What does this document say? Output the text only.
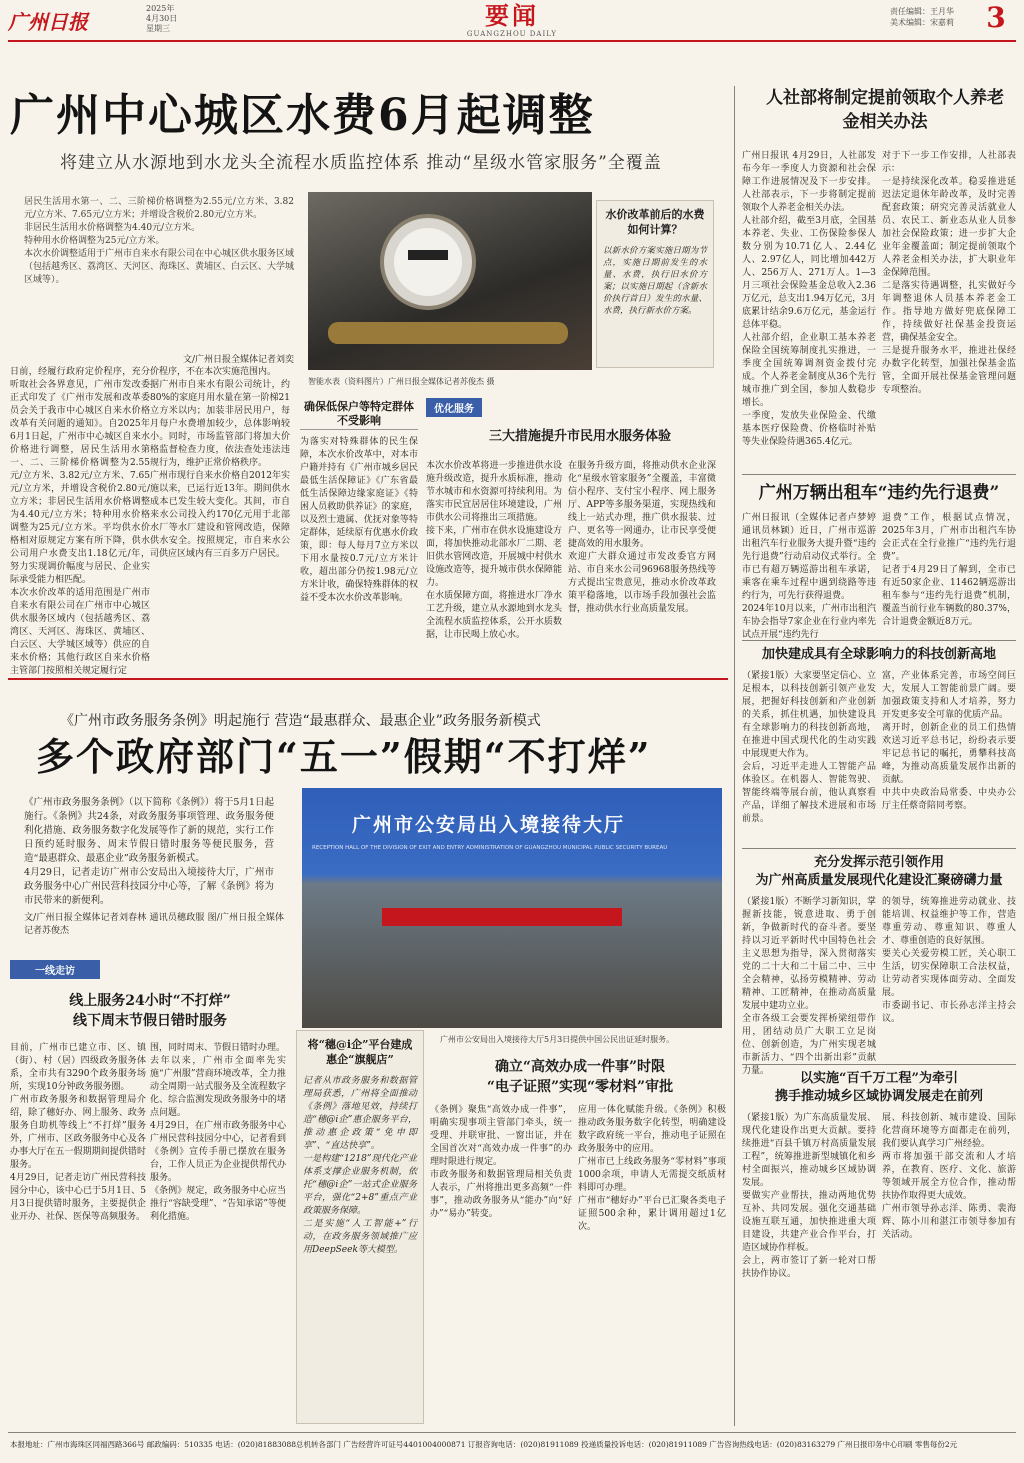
广州日报
2025年
4月30日
星期三	要闻
GUANGZHOU DAILY
责任编辑：王月华
美术编辑：宋嘉莉 3
广州中心城区水费6月起调整
将建立从水源地到水龙头全流程水质监控体系 推动“星级水管家服务”全覆盖
居民生活用水第一、二、三阶梯价格调整为2.55元/立方米、3.82元/立方米、7.65元/立方米；并增设含税价2.80元/立方米。
非居民生活用水价格调整为4.40元/立方米。
特种用水价格调整为25元/立方米。
本次水价调整适用于广州市自来水有限公司在中心城区供水服务区域（包括越秀区、荔湾区、天河区、海珠区、黄埔区、白云区、大学城区域等）。
文/广州日报全媒体记者刘奕
智能水表（资料图片）广州日报全媒体记者苏俊杰 摄
水价改革前后的水费如何计算？
以新水价方案实施日期为节点，实施日期前发生的水量、水费，执行旧水价方案；以实施日期起（含新水价执行首日）发生的水量、水费，执行新水价方案。
日前，经履行政府定价程序，充分听取社会各界意见，广州市发改委正式印发了《广州市发展和改革委员会关于我市中心城区自来水价格改革有关问题的通知》。自2025年6月1日起，广州市中心城区自来水价格进行调整，居民生活用水第一、二、三阶梯价格调整为2.55元/立方米、3.82元/立方米、7.65元/立方米，并增设含税价2.80元/立方米；非居民生活用水价格调整为4.40元/立方米；特种用水价格调整为25元/立方米。平均供水价格相对原规定方案有所下降，供水公司用户水费支出1.18亿元/年，努力实现调价幅度与居民、企业实际承受能力相匹配。
本次水价改革的适用范围是广州市自来水有限公司在广州市中心城区供水服务区域内（包括越秀区、荔湾区、天河区、海珠区、黄埔区、白云区、大学城区域等）供应的自来水价格；其他行政区自来水价格主管部门按照相关规定履行定
价程序，不在本次实施范围内。
据广州市自来水有限公司统计，约80%的家庭月用水量在第一阶梯21立方米以内；加装非居民用户，每月每户水费增加较少，总体影响较小。同时，市场监管部门将加大价格监督检查力度，依法查处违法违规行为，维护正常价格秩序。
广州市现行自来水价格自2012年实施以来，已运行近13年。期间供水成本已发生较大变化。其间，市自来水公司投入约170亿元用于北部水厂等水厂建设和管网改造，保障供水安全。按照规定，市自来水公司供应区域内有三百多万户居民。
确保低保户等特定群体不受影响
为落实对特殊群体的民生保障，本次水价改革中，对本市户籍并持有《广州市城乡居民最低生活保障证》《广东省最低生活保障边缘家庭证》《特困人员救助供养证》的家庭，以及烈士遗属、优抚对象等特定群体，延续原有优惠水价政策，即：每人每月7立方米以下用水量按0.7元/立方米计收，超出部分仍按1.98元/立方米计收，确保特殊群体的权益不受本次水价改革影响。
优化服务
三大措施提升市民用水服务体验
本次水价改革将进一步推进供水设施升级改造，提升水质标准，推动节水城市和水资源可持续利用。为落实市民宜居居住环境建设，广州市供水公司将推出三项措施。
接下来，广州市在供水设施建设方面，将加快推动北部水厂二期、老旧供水管网改造，开展城中村供水设施改造等，提升城市供水保障能力。
在水质保障方面，将推进水厂净水工艺升级，建立从水源地到水龙头全流程水质监控体系，公开水质数据，让市民喝上放心水。
在服务升级方面，将推动供水企业深化“星级水管家服务”全覆盖，丰富微信小程序、支付宝小程序、网上服务厅、APP等多服务渠道，实现热线和线上一站式办理，推广供水报装、过户、更名等一网通办，让市民享受便捷高效的用水服务。
欢迎广大群众通过市发改委官方网站、市自来水公司96968服务热线等方式提出宝贵意见，推动水价改革政策平稳落地，以市场手段加强社会监督，推动供水行业高质量发展。
人社部将制定提前领取个人养老金相关办法
广州日报讯 4月29日，人社部发布今年一季度人力资源和社会保障工作进展情况及下一步安排。人社部表示，下一步将制定提前领取个人养老金相关办法。
人社部介绍，截至3月底，全国基本养老、失业、工伤保险参保人数分别为10.71亿人、2.44亿人、2.97亿人，同比增加442万人、256万人、271万人。1—3月三项社会保险基金总收入2.36万亿元，总支出1.94万亿元，3月底累计结余9.6万亿元，基金运行总体平稳。
人社部介绍，企业职工基本养老保险全国统筹制度扎实推进，一季度全国统筹调剂资金拨付完成。个人养老金制度从36个先行城市推广到全国，参加人数稳步增长。
一季度，发放失业保险金、代缴基本医疗保险费、价格临时补贴等失业保险待遇365.4亿元。
对于下一步工作安排，人社部表示：
一是持续深化改革。稳妥推进延迟法定退休年龄改革，及时完善配套政策；研究完善灵活就业人员、农民工、新业态从业人员参加社会保险政策；进一步扩大企业年金覆盖面；制定提前领取个人养老金相关办法，扩大职业年金保障范围。
二是落实待遇调整，扎实做好今年调整退休人员基本养老金工作。指导地方做好兜底保障工作，持续做好社保基金投资运营，确保基金安全。
三是提升服务水平，推进社保经办数字化转型，加强社保基金监管，全面开展社保基金管理问题专项整治。
广州万辆出租车“违约先行退费”
广州日报讯（全媒体记者卢梦婷 通讯员林颖）近日，广州市巡游出租汽车行业服务大提升暨“违约先行退费”行动启动仪式举行。全市已有超万辆巡游出租车承诺，乘客在乘车过程中遇到绕路等违约行为，可先行获得退费。
2024年10月以来，广州市出租汽车协会指导7家企业在行业内率先试点开展“违约先行
退费”工作，根据试点情况，2025年3月，广州市出租汽车协会正式在全行业推广“违约先行退费”。
记者于4月29日了解到，全市已有近50家企业、11462辆巡游出租车参与“违约先行退费”机制，覆盖当前行业车辆数的80.37%，合计退费金额近8万元。
加快建成具有全球影响力的科技创新高地
（紧接1版）大家要坚定信心、立足根本，以科技创新引领产业发展，把握好科技创新和产业创新的关系，抓住机遇，加快建设具有全球影响力的科技创新高地，在推进中国式现代化的生动实践中展现更大作为。
会后，习近平走进人工智能产品体验区。在机器人、智能驾驶、智能终端等展台前，他认真察看产品，详细了解技术进展和市场前景。
富，产业体系完善，市场空间巨大，发展人工智能前景广阔。要加强政策支持和人才培养，努力开发更多安全可靠的优质产品。
离开时，创新企业的员工们热情欢送习近平总书记，纷纷表示要牢记总书记的嘱托，勇攀科技高峰，为推动高质量发展作出新的贡献。
中共中央政治局常委、中央办公厅主任蔡奇陪同考察。
充分发挥示范引领作用
为广州高质量发展现代化建设汇聚磅礴力量
（紧接1版）不断学习新知识，掌握新技能，锐意进取、勇于创新，争做新时代的奋斗者。要坚持以习近平新时代中国特色社会主义思想为指导，深入贯彻落实党的二十大和二十届二中、三中全会精神，弘扬劳模精神、劳动精神、工匠精神，在推动高质量发展中建功立业。
全市各级工会要发挥桥梁纽带作用，团结动员广大职工立足岗位、创新创造，为广州实现老城市新活力、“四个出新出彩”贡献力量。
的领导，统筹推进劳动就业、技能培训、权益维护等工作，营造尊重劳动、尊重知识、尊重人才、尊重创造的良好氛围。
要关心关爱劳模工匠，关心职工生活，切实保障职工合法权益，让劳动者实现体面劳动、全面发展。
市委副书记、市长孙志洋主持会议。
以实施“百千万工程”为牵引
携手推动城乡区域协调发展走在前列
（紧接1版）为广东高质量发展、现代化建设作出更大贡献。要持续推进“百县千镇万村高质量发展工程”，统筹推进新型城镇化和乡村全面振兴，推动城乡区域协调发展。
要做实产业帮扶，推动两地优势互补、共同发展。强化交通基础设施互联互通，加快推进重大项目建设，共建产业合作平台，打造区域协作样板。
会上，两市签订了新一轮对口帮扶协作协议。
展、科技创新、城市建设、国际化营商环境等方面都走在前列，我们要认真学习广州经验。
两市将加强干部交流和人才培养，在教育、医疗、文化、旅游等领域开展全方位合作，推动帮扶协作取得更大成效。
广州市领导孙志洋、陈勇、裴海辉、陈小川和湛江市领导参加有关活动。
《广州市政务服务条例》明起施行 营造“最惠群众、最惠企业”政务服务新模式
多个政府部门“五一”假期“不打烊”
《广州市政务服务条例》（以下简称《条例》）将于5月1日起施行。《条例》共24条，对政务服务事项管理、政务服务便利化措施、政务服务数字化发展等作了新的规范，实行工作日预约延时服务、周末节假日错时服务等便民服务，营造“最惠群众、最惠企业”政务服务新模式。
4月29日，记者走访广州市公安局出入境接待大厅，广州市政务服务中心广州民营科技园分中心等，了解《条例》将为市民带来的新便利。
文/广州日报全媒体记者刘春林 通讯员穗政服 图/广州日报全媒体记者苏俊杰
广州市公安局出入境接待大厅
RECEPTION HALL OF THE DIVISION OF EXIT AND ENTRY ADMINISTRATION OF GUANGZHOU MUNICIPAL PUBLIC SECURITY BUREAU
广州市公安局出入境接待大厅5月3日提供中国公民出证延时服务。
一线走访
线上服务24小时“不打烊”
线下周末节假日错时服务
目前，广州市已建立市、区、镇（街）、村（居）四级政务服务体系，全市共有3290个政务服务场所，实现10分钟政务服务圈。
广州市政务服务和数据管理局介绍，除了穗好办、网上服务、政务服务自助机等线上“不打烊”服务外，广州市、区政务服务中心及各办事大厅在五一假期期间提供错时服务。
4月29日，记者走访广州民营科技园分中心，该中心已于5月1日、5月3日提供错时服务，主要提供企业开办、社保、医保等高频服务。
围，同时周末、节假日错时办理。
去年以来，广州市全面率先实施“广州服”营商环境改革，全力推动全周期一站式服务及全流程数字化、综合监测发现政务服务中的堵点问题。
4月29日，在广州市政务服务中心广州民营科技园分中心，记者看到《条例》宣传手册已摆放在服务台，工作人员正为企业提供帮代办服务。
《条例》规定，政务服务中心应当推行“容缺受理”、“告知承诺”等便利化措施。
将“穗@i企”平台建成惠企“旗舰店”
记者从市政务服务和数据管理局获悉，广州将全面推动《条例》落地见效，持续打造“穗@i企”惠企服务平台，推动惠企政策“免申即享”、“直达快享”。
一是构建“1218”现代化产业体系支撑企业服务机制，依托“穗@i企”一站式企业服务平台，强化“2+8”重点产业政策服务保障。
二是实施“人工智能+”行动，在政务服务领域推广应用DeepSeek等大模型。
确立“高效办成一件事”时限
“电子证照”实现“零材料”审批
《条例》聚焦“高效办成一件事”，明确实现事项主管部门牵头，统一受理、并联审批、一窗出证，并在全国首次对“高效办成一件事”的办理时限进行规定。
市政务服务和数据管理局相关负责人表示，广州将推出更多高频“一件事”，推动政务服务从“能办”向“好办”“易办”转变。
应用一体化赋能升级。《条例》积极推动政务服务数字化转型，明确建设数字政府统一平台，推动电子证照在政务服务中的应用。
广州市已上线政务服务“零材料”事项1000余项，申请人无需提交纸质材料即可办理。
广州市“穗好办”平台已汇聚各类电子证照500余种，累计调用超过1亿次。
本报地址：广州市海珠区同福西路366号 邮政编码：510335 电话：(020)81883088总机转各部门 广告经营许可证号4401004000871 订报咨询电话：(020)81911089 投递质量投诉电话：(020)81911089 广告咨询热线电话：(020)83163279 广州日报印务中心印刷 零售每份2元
